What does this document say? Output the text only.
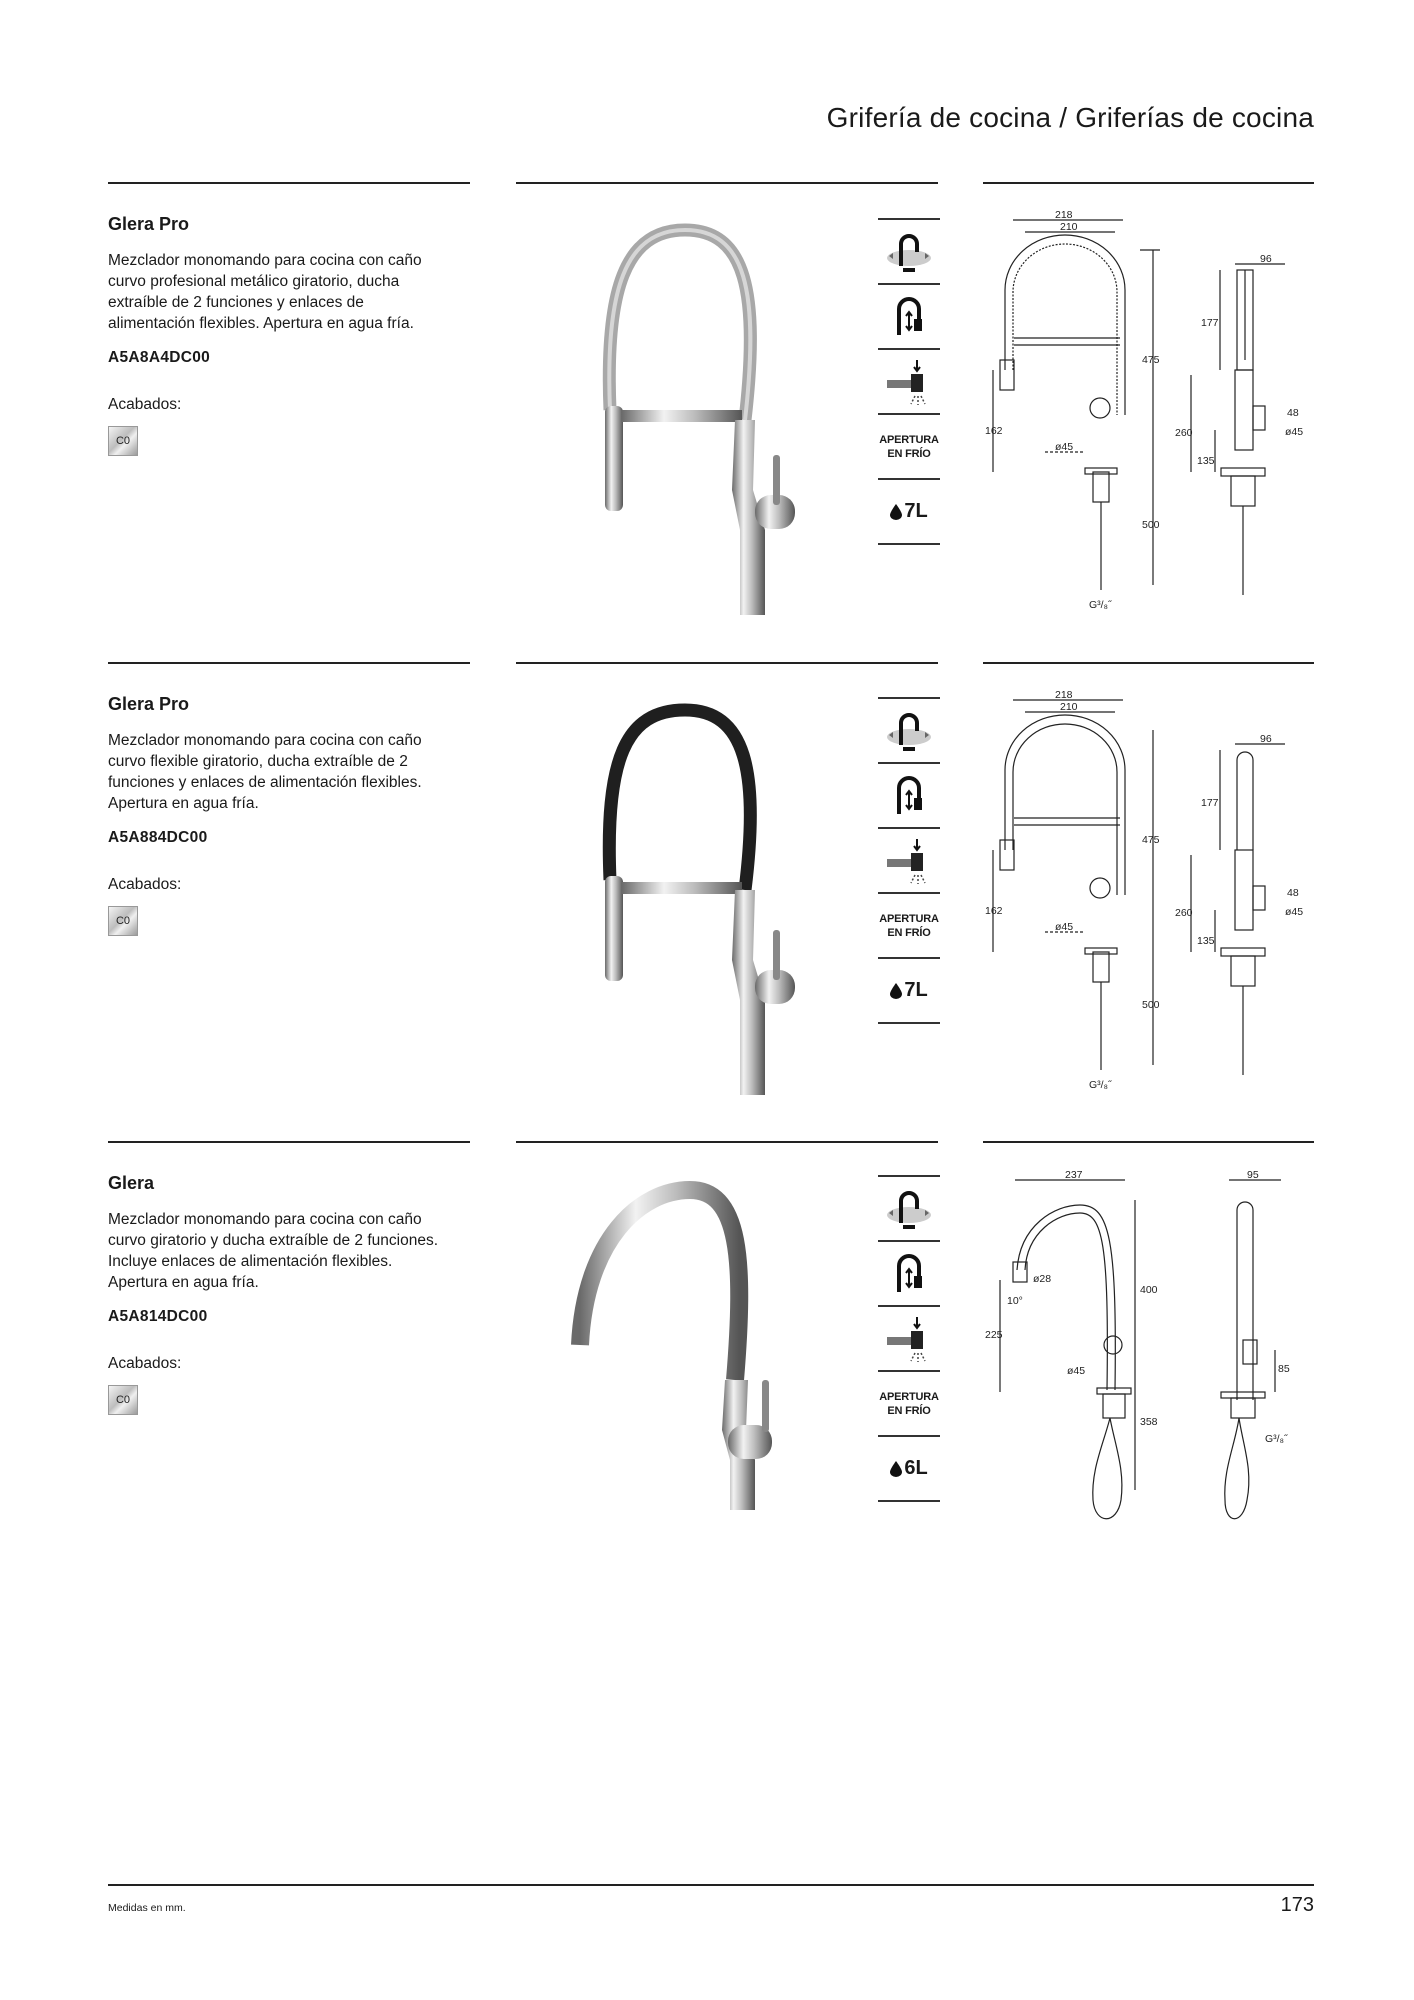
Grifería de cocina / Griferías de cocina
Glera Pro
Mezclador monomando para cocina con caño curvo profesional metálico giratorio, ducha extraíble de 2 funciones y enlaces de alimentación flexibles. Apertura en agua fría.
A5A8A4DC00
Acabados:
C0	APERTURA
EN FRÍO
7L
218
210
96
177
475
162
ø45
260
48
ø45
135
500
G³/₈˝
Glera Pro
Mezclador monomando para cocina con caño curvo flexible giratorio, ducha extraíble de 2 funciones y enlaces de alimentación flexibles. Apertura en agua fría.
A5A884DC00
Acabados:
C0	APERTURA
EN FRÍO
7L
218
210
96
177
475
162
ø45
260
48
ø45
135
500
G³/₈˝
Glera
Mezclador monomando para cocina con caño curvo giratorio y ducha extraíble de 2 funciones. Incluye enlaces de alimentación flexibles. Apertura en agua fría.
A5A814DC00
Acabados:
C0	APERTURA
EN FRÍO
6L
237	95
ø28
10°
400
225
ø45	85
358
G³/₈˝
Medidas en mm.	173
